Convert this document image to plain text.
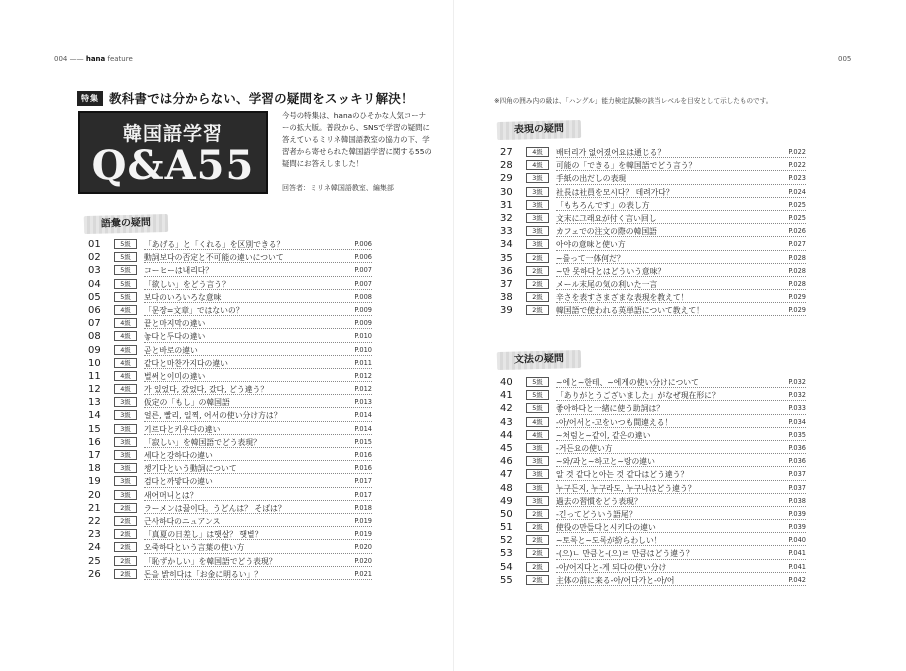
004 —— hana feature	005
特集 教科書では分からない、学習の疑問をスッキリ解決！
韓国語学習
Q&A55
今号の特集は、hanaのひそかな人気コーナーの拡大版。普段から、SNSで学習の疑問に答えているミリネ韓国語教室の協力の下、学習者から寄せられた韓国語学習に関する55の疑問にお答えしました！
回答者：ミリネ韓国語教室、編集部
語彙の疑問
01	5級	「あげる」と「くれる」を区別できる？	P.006
02	5級	動詞보다の否定と不可能の違いについて	P.006
03	5級	コーヒーは내리다？	P.007
04	5級	「欲しい」をどう言う？	P.007
05	5級	보다のいろいろな意味	P.008
06	4級	「문장=文章」ではないの？	P.009
07	4級	끝と마지막の違い	P.009
08	4級	놓다と두다の違い	P.010
09	4級	곧と바로の違い	P.010
10	4級	같다と마찬가지다の違い	P.011
11	4級	벌써と이미の違い	P.012
12	4級	가 있었다, 갔었다, 갔다, どう違う？	P.012
13	3級	仮定の「もし」の韓国語	P.013
14	3級	얼른, 빨리, 일찍, 어서の使い分け方は？	P.014
15	3級	기르다と키우다の違い	P.014
16	3級	「寂しい」を韓国語でどう表現？	P.015
17	3級	세다と강하다の違い	P.016
18	3級	챙기다という動詞について	P.016
19	3級	검다と까맣다の違い	P.017
20	3級	새어머니とは？	P.017
21	2級	ラーメンは끓이다。うどんは？ そばは？	P.018
22	2級	근사하다のニュアンス	P.019
23	2級	「真夏の日差し」は햇살？ 햇볕？	P.019
24	2級	오죽하다という言葉の使い方	P.020
25	2級	「恥ずかしい」を韓国語でどう表現？	P.020
26	2級	돈을 밝히다は「お金に明るい」？	P.021
※四角の囲み内の級は、「ハングル」能力検定試験の該当レベルを目安として示したものです。
表現の疑問
27	4級	배터리가 없어졌어요は通じる？	P.022
28	4級	可能の「できる」を韓国語でどう言う？	P.022
29	3級	手紙の出だしの表現	P.023
30	3級	社長は社員を모시다？ 데려가다？	P.024
31	3級	「もちろんです」の表し方	P.025
32	3級	文末に그래요が付く言い回し	P.025
33	3級	カフェでの注文の際の韓国語	P.026
34	3級	아야の意味と使い方	P.027
35	2級	~를って一体何だ？	P.028
36	2級	~만 못하다とはどういう意味？	P.028
37	2級	メール末尾の気の利いた一言	P.028
38	2級	辛さを表すさまざまな表現を教えて！	P.029
39	2級	韓国語で使われる英単語について教えて！	P.029
文法の疑問
40	5級	~에と~한테、~에게の使い分けについて	P.032
41	5級	「ありがとうございました」がなぜ現在形に？	P.032
42	5級	좋아하다と一緒に使う助詞は？	P.033
43	4級	-아/어서と-고をいつも間違える！	P.034
44	4級	~처럼と~같이, 같은の違い	P.035
45	3級	-거든요の使い方	P.036
46	3級	~와/과と~하고と~랑の違い	P.036
47	3級	알 것 같다と아는 것 같다はどう違う？	P.037
48	3級	누구든지, 누구라도, 누구나はどう違う？	P.037
49	3級	過去の習慣をどう表現？	P.038
50	2級	-긴ってどういう語尾？	P.039
51	2級	使役の만들다と시키다の違い	P.039
52	2級	~토록と~도록が紛らわしい！	P.040
53	2級	-(으)ㄴ 만큼と-(으)ㄹ 만큼はどう違う？	P.041
54	2級	-아/어지다と-게 되다の使い分け	P.041
55	2級	主体の前に来る-아/어다가と-아/어	P.042
